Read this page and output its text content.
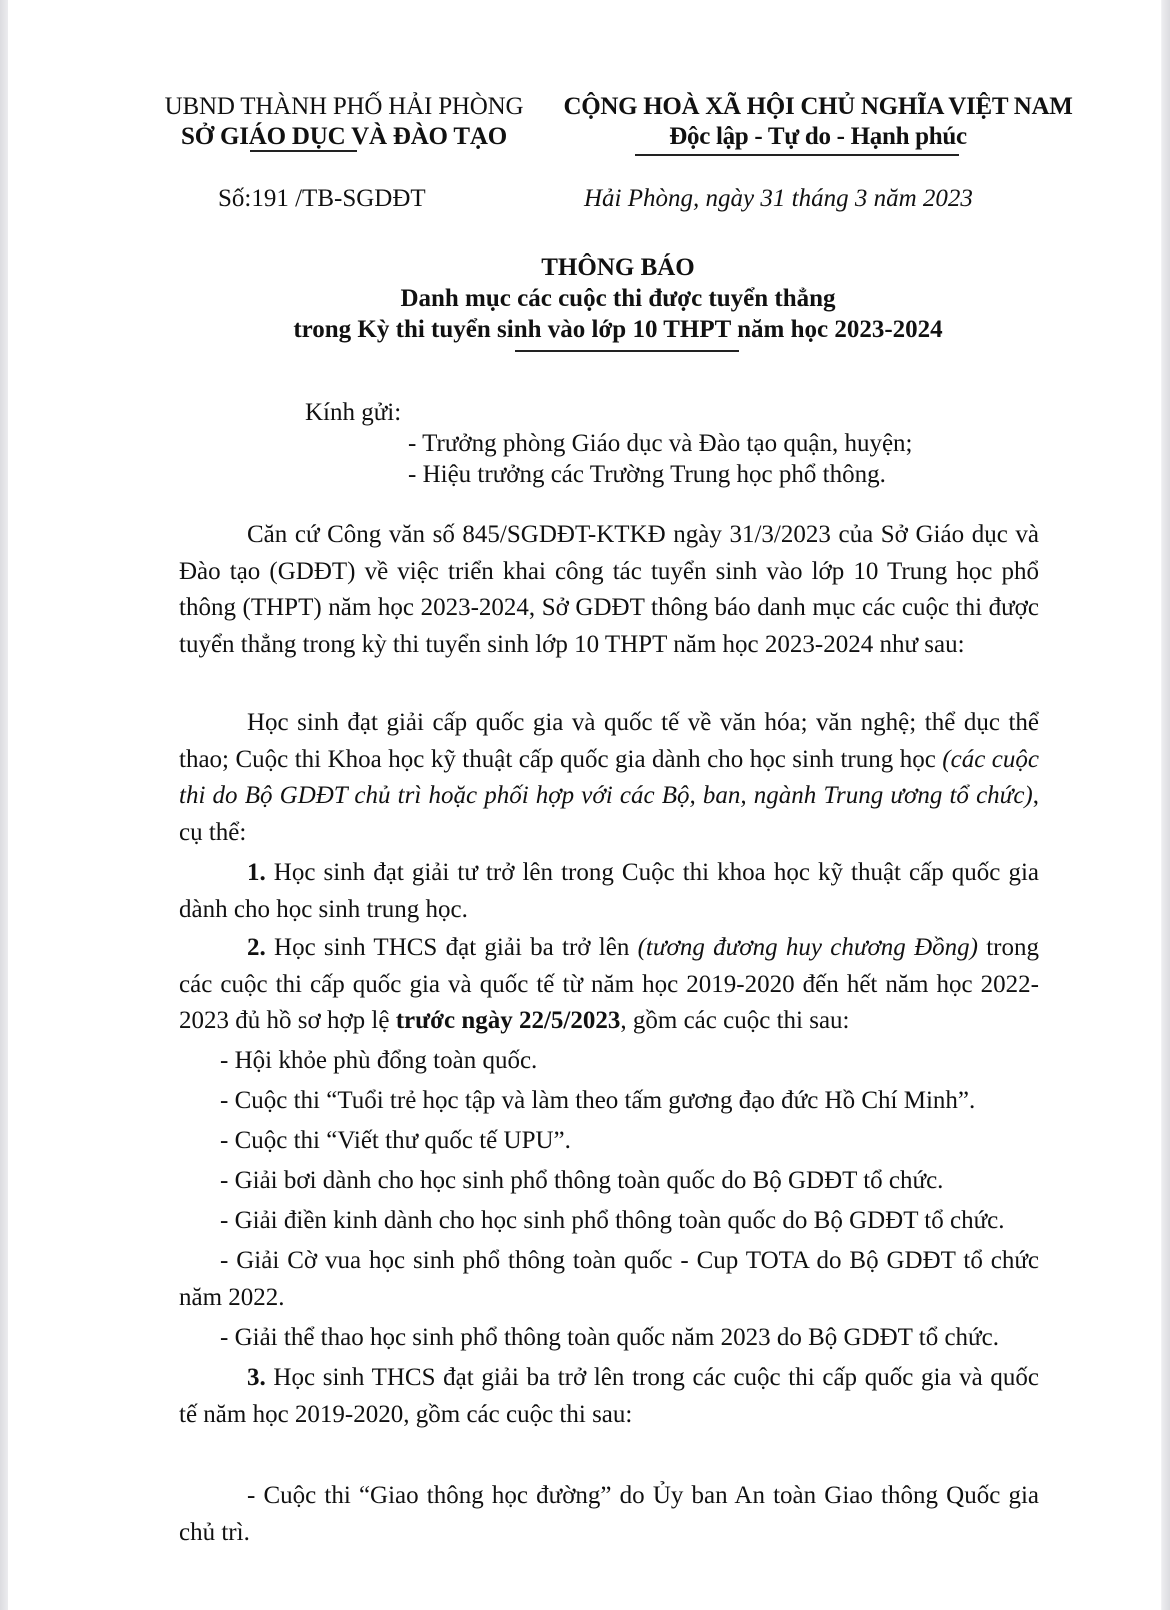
UBND THÀNH PHỐ HẢI PHÒNG
SỞ GIÁO DỤC VÀ ĐÀO TẠO
CỘNG HOÀ XÃ HỘI CHỦ NGHĨA VIỆT NAM
Độc lập - Tự do - Hạnh phúc
Số:191 /TB-SGDĐT	Hải Phòng, ngày 31 tháng 3 năm 2023
THÔNG BÁO
Danh mục các cuộc thi được tuyển thẳng
trong Kỳ thi tuyển sinh vào lớp 10 THPT năm học 2023-2024
Kính gửi:
- Trưởng phòng Giáo dục và Đào tạo quận, huyện;
- Hiệu trưởng các Trường Trung học phổ thông.
Căn cứ Công văn số 845/SGDĐT-KTKĐ ngày 31/3/2023 của Sở Giáo dục và Đào tạo (GDĐT) về việc triển khai công tác tuyển sinh vào lớp 10 Trung học phổ thông (THPT) năm học 2023-2024, Sở GDĐT thông báo danh mục các cuộc thi được tuyển thẳng trong kỳ thi tuyển sinh lớp 10 THPT năm học 2023-2024 như sau:
Học sinh đạt giải cấp quốc gia và quốc tế về văn hóa; văn nghệ; thể dục thể thao; Cuộc thi Khoa học kỹ thuật cấp quốc gia dành cho học sinh trung học (các cuộc thi do Bộ GDĐT chủ trì hoặc phối hợp với các Bộ, ban, ngành Trung ương tổ chức), cụ thể:
1. Học sinh đạt giải tư trở lên trong Cuộc thi khoa học kỹ thuật cấp quốc gia dành cho học sinh trung học.
2. Học sinh THCS đạt giải ba trở lên (tương đương huy chương Đồng) trong các cuộc thi cấp quốc gia và quốc tế từ năm học 2019-2020 đến hết năm học 2022-2023 đủ hồ sơ hợp lệ trước ngày 22/5/2023, gồm các cuộc thi sau:
- Hội khỏe phù đổng toàn quốc.
- Cuộc thi “Tuổi trẻ học tập và làm theo tấm gương đạo đức Hồ Chí Minh”.
- Cuộc thi “Viết thư quốc tế UPU”.
- Giải bơi dành cho học sinh phổ thông toàn quốc do Bộ GDĐT tổ chức.
- Giải điền kinh dành cho học sinh phổ thông toàn quốc do Bộ GDĐT tổ chức.
- Giải Cờ vua học sinh phổ thông toàn quốc - Cup TOTA do Bộ GDĐT tổ chức năm 2022.
- Giải thể thao học sinh phổ thông toàn quốc năm 2023 do Bộ GDĐT tổ chức.
3. Học sinh THCS đạt giải ba trở lên trong các cuộc thi cấp quốc gia và quốc tế năm học 2019-2020, gồm các cuộc thi sau:
- Cuộc thi “Giao thông học đường” do Ủy ban An toàn Giao thông Quốc gia chủ trì.
